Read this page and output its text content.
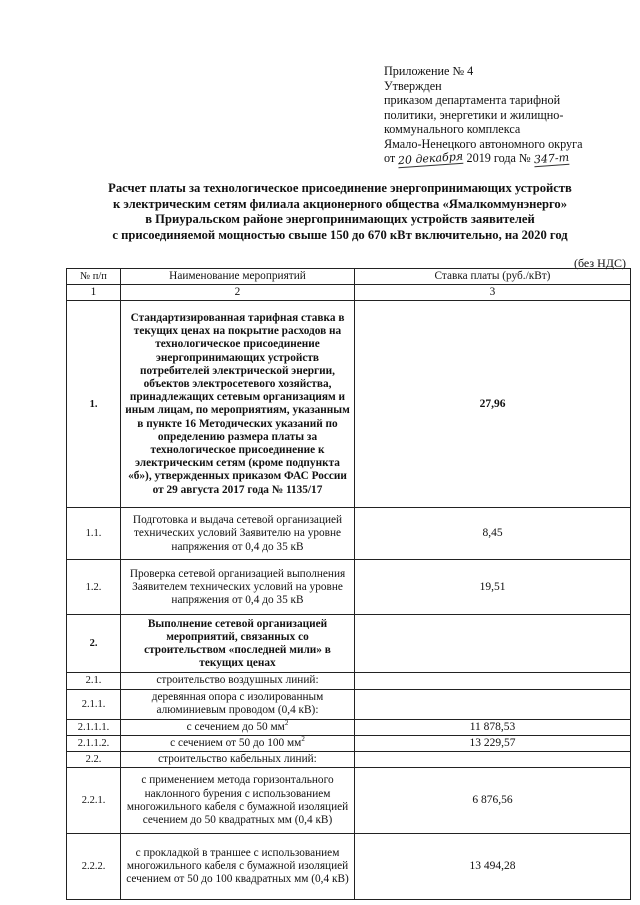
Приложение № 4
Утвержден
приказом департамента тарифной
политики, энергетики и жилищно-
коммунального комплекса
Ямало-Ненецкого автономного округа
от 20 декабря 2019 года № 347-т
Расчет платы за технологическое присоединение энергопринимающих устройств
к электрическим сетям филиала акционерного общества «Ямалкоммунэнерго»
в Приуральском районе энергопринимающих устройств заявителей
с присоединяемой мощностью свыше 150 до 670 кВт включительно, на 2020 год
(без НДС)
№ п/п	Наименование мероприятий	Ставка платы (руб./кВт)
1	2	3
1.	Стандартизированная тарифная ставка в текущих ценах на покрытие расходов на технологическое присоединение энергопринимающих устройств потребителей электрической энергии, объектов электросетевого хозяйства, принадлежащих сетевым организациям и иным лицам, по мероприятиям, указанным в пункте 16 Методических указаний по определению размера платы за технологическое присоединение к электрическим сетям (кроме подпункта «б»), утвержденных приказом ФАС России от 29 августа 2017 года № 1135/17	27,96
1.1.	Подготовка и выдача сетевой организацией технических условий Заявителю на уровне напряжения от 0,4 до 35 кВ	8,45
1.2.	Проверка сетевой организацией выполнения Заявителем технических условий на уровне напряжения от 0,4 до 35 кВ	19,51
2.	Выполнение сетевой организацией мероприятий, связанных со строительством «последней мили» в текущих ценах	
2.1.	строительство воздушных линий:	
2.1.1.	деревянная опора с изолированным алюминиевым проводом (0,4 кВ):	
2.1.1.1.	с сечением до 50 $мм^2$	11 878,53
2.1.1.2.	с сечением от 50 до 100 $мм^2$	13 229,57
2.2.	строительство кабельных линий:	
2.2.1.	с применением метода горизонтального наклонного бурения с использованием многожильного кабеля с бумажной изоляцией сечением до 50 квадратных мм (0,4 кВ)	6 876,56
2.2.2.	с прокладкой в траншее с использованием многожильного кабеля с бумажной изоляцией сечением от 50 до 100 квадратных мм (0,4 кВ)	13 494,28
